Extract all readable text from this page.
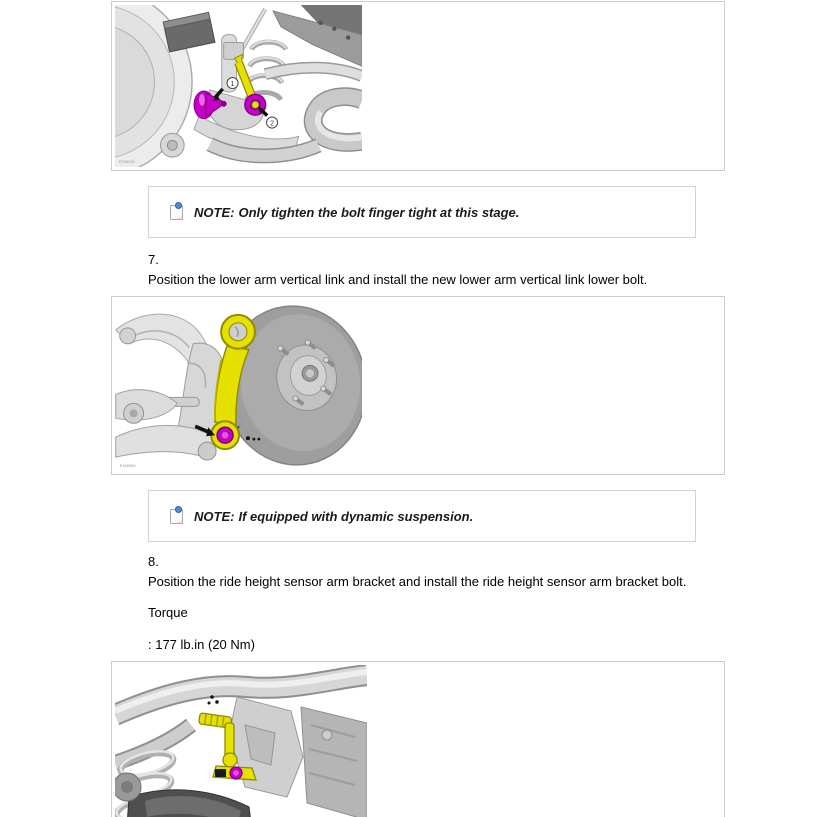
1
2
E195269
NOTE: Only tighten the bolt finger tight at this stage.
7.
Position the lower arm vertical link and install the new lower arm vertical link lower bolt.
E186359
NOTE: If equipped with dynamic suspension.
8.
Position the ride height sensor arm bracket and install the ride height sensor arm bracket bolt.
Torque
: 177 lb.in (20 Nm)
